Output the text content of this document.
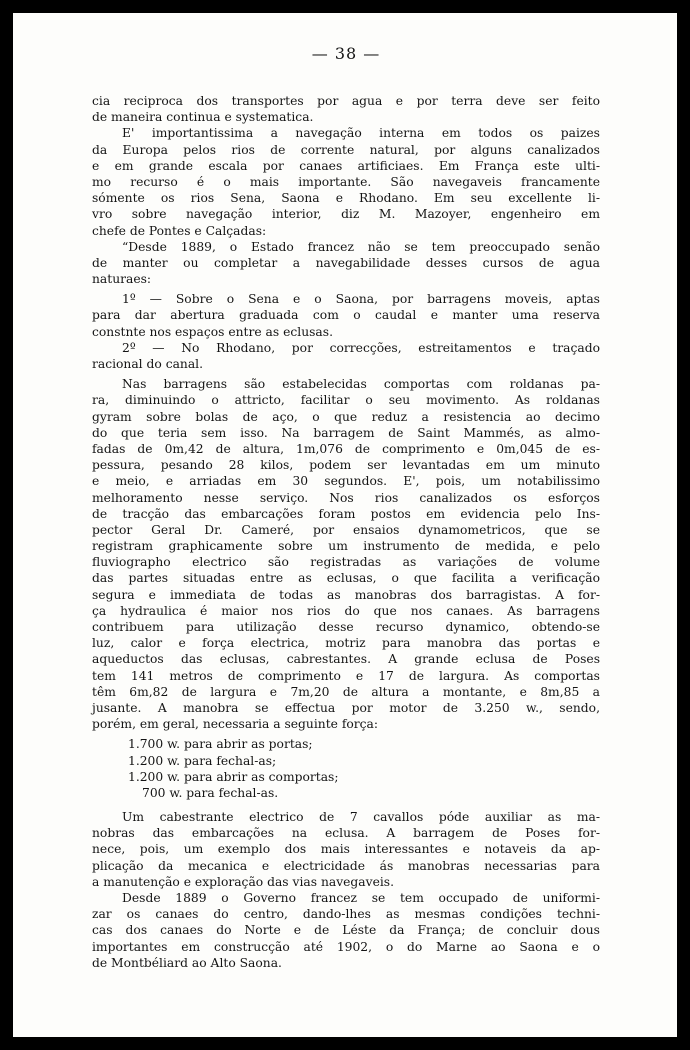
— 38 —
cia reciproca dos transportes por agua e por terra deve ser feito
de maneira continua e systematica.
E' importantissima a navegação interna em todos os paizes
da Europa pelos rios de corrente natural, por alguns canalizados
e em grande escala por canaes artificiaes. Em França este ulti-
mo recurso é o mais importante. São navegaveis francamente
sómente os rios Sena, Saona e Rhodano. Em seu excellente li-
vro sobre navegação interior, diz M. Mazoyer, engenheiro em
chefe de Pontes e Calçadas:
“Desde 1889, o Estado francez não se tem preoccupado senão
de manter ou completar a navegabilidade desses cursos de agua
naturaes:
1º — Sobre o Sena e o Saona, por barragens moveis, aptas
para dar abertura graduada com o caudal e manter uma reserva
constnte nos espaços entre as eclusas.
2º — No Rhodano, por correcções, estreitamentos e traçado
racional do canal.
Nas barragens são estabelecidas comportas com roldanas pa-
ra, diminuindo o attricto, facilitar o seu movimento. As roldanas
gyram sobre bolas de aço, o que reduz a resistencia ao decimo
do que teria sem isso. Na barragem de Saint Mammés, as almo-
fadas de 0m,42 de altura, 1m,076 de comprimento e 0m,045 de es-
pessura, pesando 28 kilos, podem ser levantadas em um minuto
e meio, e arriadas em 30 segundos. E', pois, um notabilissimo
melhoramento nesse serviço. Nos rios canalizados os esforços
de tracção das embarcações foram postos em evidencia pelo Ins-
pector Geral Dr. Cameré, por ensaios dynamometricos, que se
registram graphicamente sobre um instrumento de medida, e pelo
fluviographo electrico são registradas as variações de volume
das partes situadas entre as eclusas, o que facilita a verificação
segura e immediata de todas as manobras dos barragistas. A for-
ça hydraulica é maior nos rios do que nos canaes. As barragens
contribuem para utilização desse recurso dynamico, obtendo-se
luz, calor e força electrica, motriz para manobra das portas e
aqueductos das eclusas, cabrestantes. A grande eclusa de Poses
tem 141 metros de comprimento e 17 de largura. As comportas
têm 6m,82 de largura e 7m,20 de altura a montante, e 8m,85 a
jusante. A manobra se effectua por motor de 3.250 w., sendo,
porém, em geral, necessaria a seguinte força:
1.700 w. para abrir as portas;
1.200 w. para fechal-as;
1.200 w. para abrir as comportas;
700 w. para fechal-as.
Um cabestrante electrico de 7 cavallos póde auxiliar as ma-
nobras das embarcações na eclusa. A barragem de Poses for-
nece, pois, um exemplo dos mais interessantes e notaveis da ap-
plicação da mecanica e electricidade ás manobras necessarias para
a manutenção e exploração das vias navegaveis.
Desde 1889 o Governo francez se tem occupado de uniformi-
zar os canaes do centro, dando-lhes as mesmas condições techni-
cas dos canaes do Norte e de Léste da França; de concluir dous
importantes em construcção até 1902, o do Marne ao Saona e o
de Montbéliard ao Alto Saona.
